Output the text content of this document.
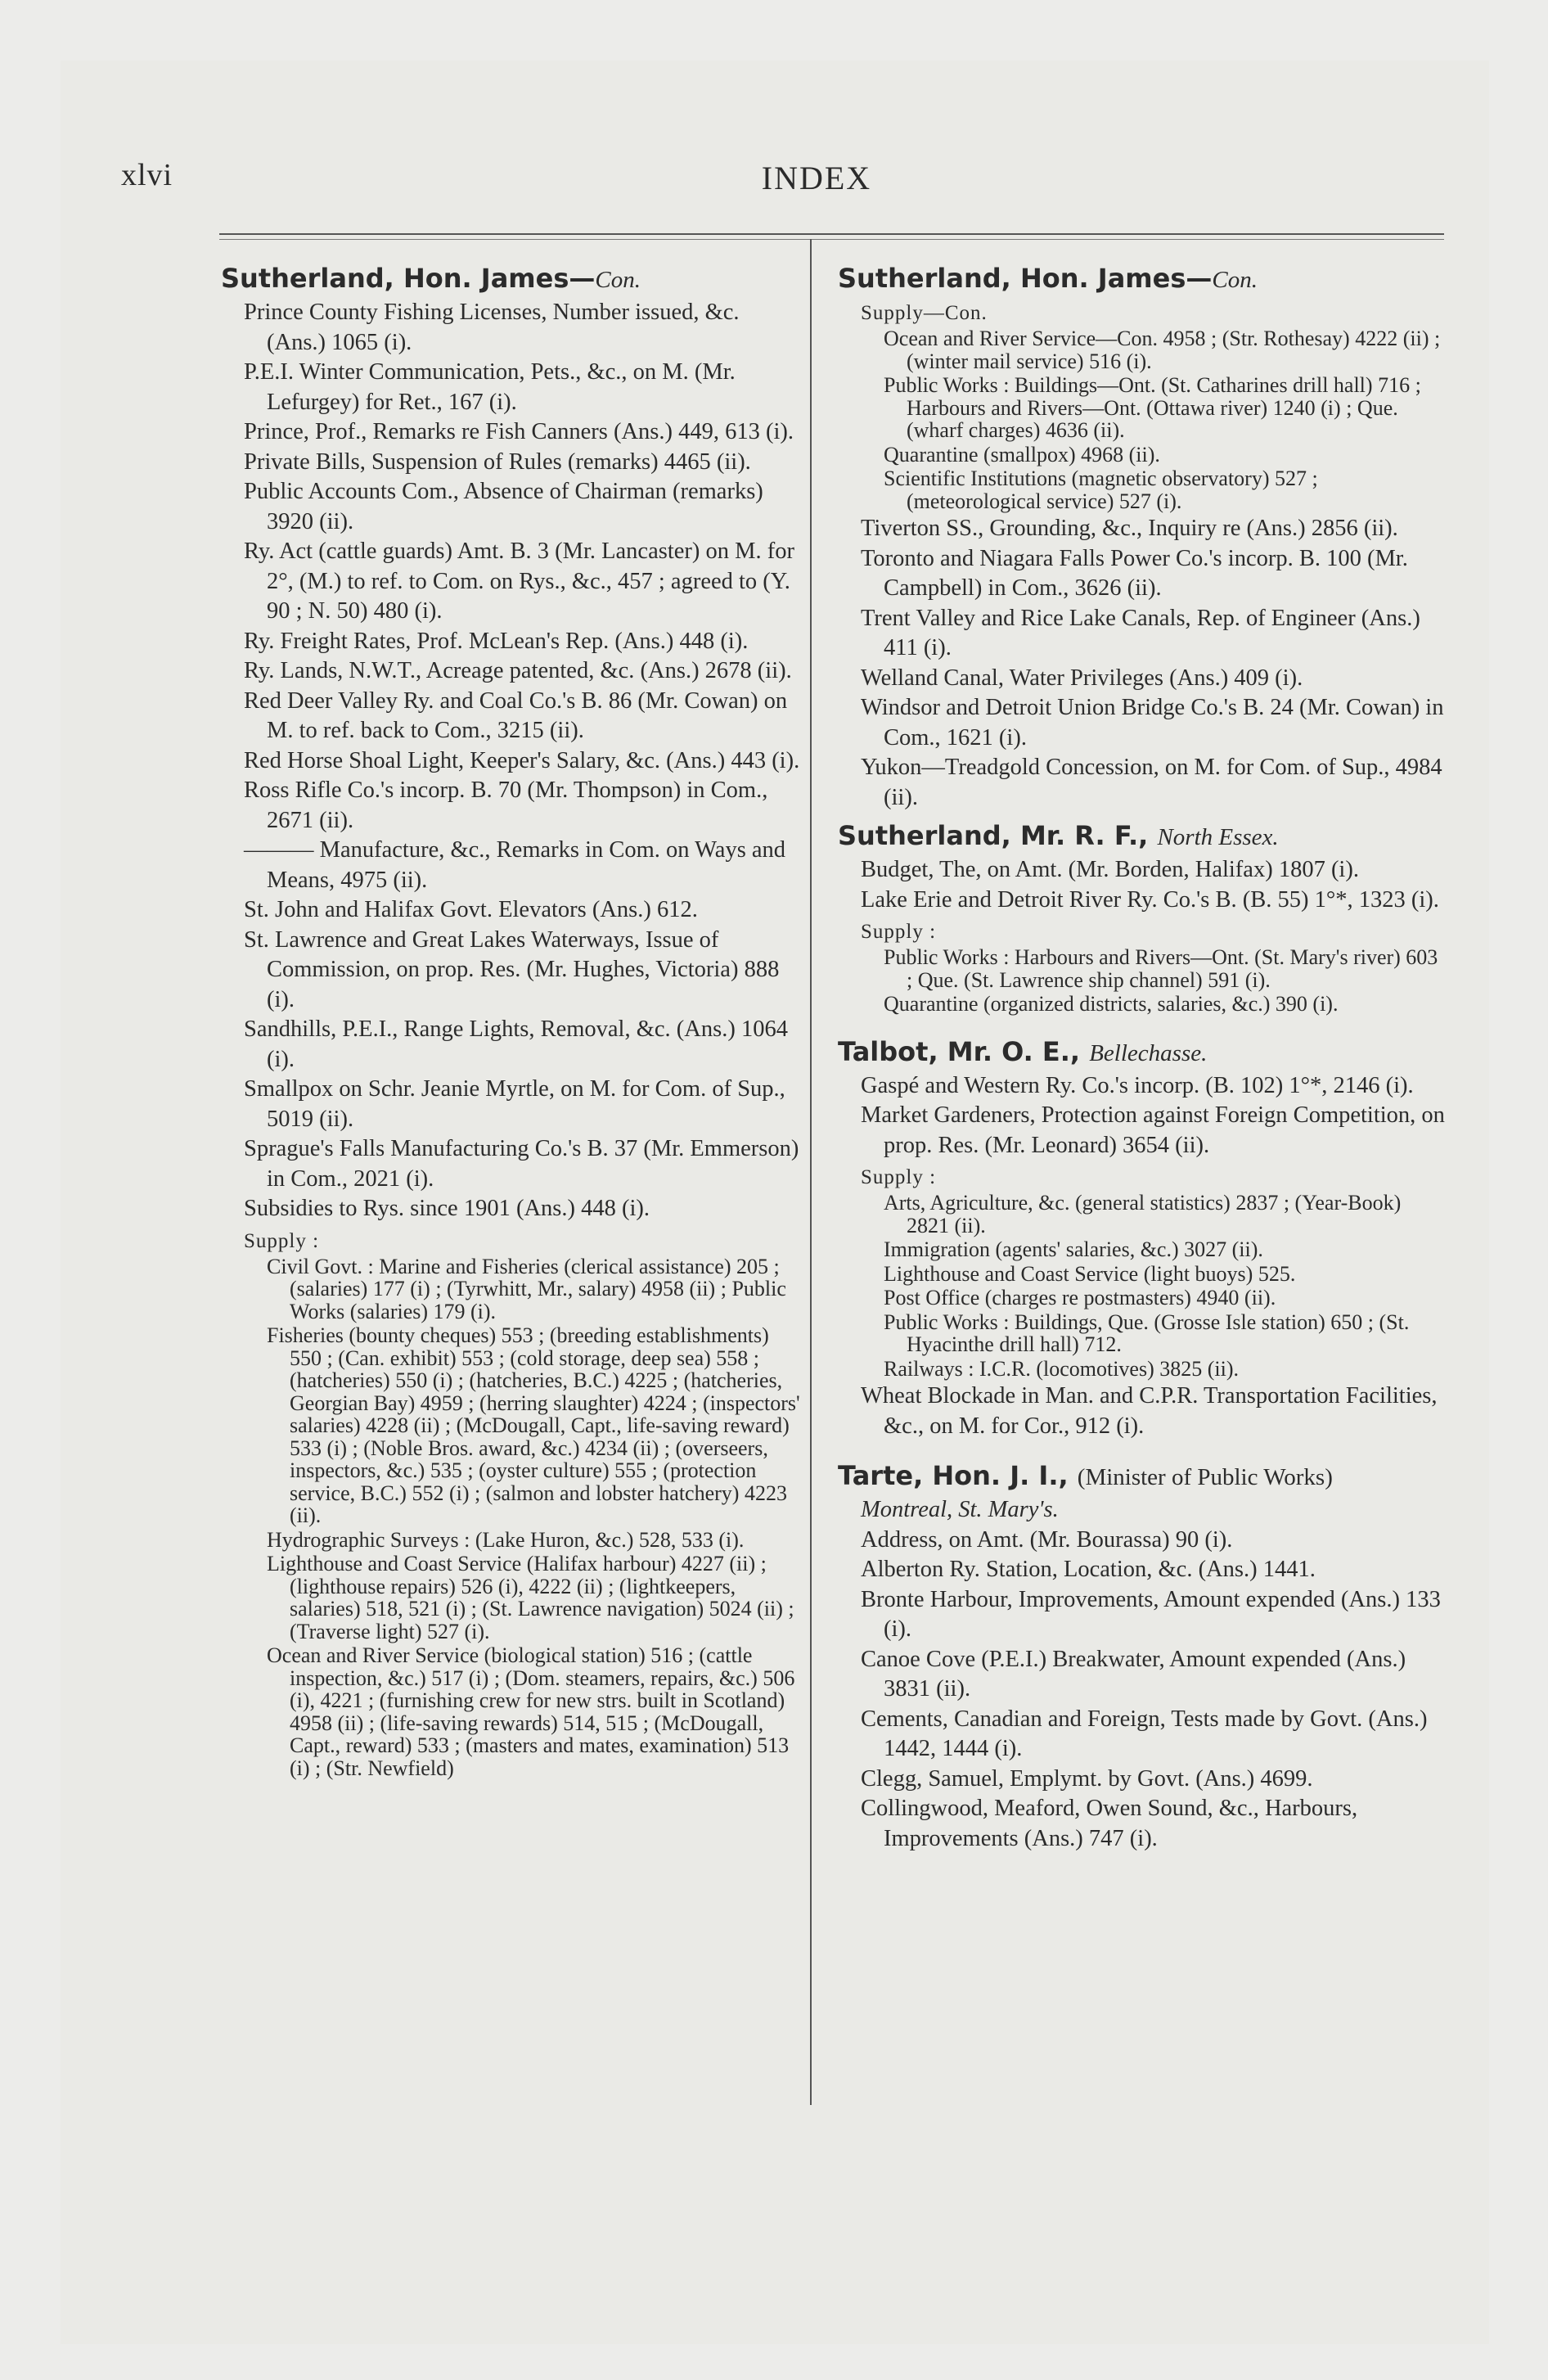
xlvi	INDEX
Sutherland, Hon. James—Con.

Prince County Fishing Licenses, Number issued, &c. (Ans.) 1065 (i).

P.E.I. Winter Communication, Pets., &c., on M. (Mr. Lefurgey) for Ret., 167 (i).

Prince, Prof., Remarks re Fish Canners (Ans.) 449, 613 (i).

Private Bills, Suspension of Rules (remarks) 4465 (ii).

Public Accounts Com., Absence of Chairman (remarks) 3920 (ii).

Ry. Act (cattle guards) Amt. B. 3 (Mr. Lancaster) on M. for 2°, (M.) to ref. to Com. on Rys., &c., 457 ; agreed to (Y. 90 ; N. 50) 480 (i).

Ry. Freight Rates, Prof. McLean's Rep. (Ans.) 448 (i).

Ry. Lands, N.W.T., Acreage patented, &c. (Ans.) 2678 (ii).

Red Deer Valley Ry. and Coal Co.'s B. 86 (Mr. Cowan) on M. to ref. back to Com., 3215 (ii).

Red Horse Shoal Light, Keeper's Salary, &c. (Ans.) 443 (i).

Ross Rifle Co.'s incorp. B. 70 (Mr. Thompson) in Com., 2671 (ii).

——— Manufacture, &c., Remarks in Com. on Ways and Means, 4975 (ii).

St. John and Halifax Govt. Elevators (Ans.) 612.

St. Lawrence and Great Lakes Waterways, Issue of Commission, on prop. Res. (Mr. Hughes, Victoria) 888 (i).

Sandhills, P.E.I., Range Lights, Removal, &c. (Ans.) 1064 (i).

Smallpox on Schr. Jeanie Myrtle, on M. for Com. of Sup., 5019 (ii).

Sprague's Falls Manufacturing Co.'s B. 37 (Mr. Emmerson) in Com., 2021 (i).

Subsidies to Rys. since 1901 (Ans.) 448 (i).

Supply :

Civil Govt. : Marine and Fisheries (clerical assistance) 205 ; (salaries) 177 (i) ; (Tyrwhitt, Mr., salary) 4958 (ii) ; Public Works (salaries) 179 (i).

Fisheries (bounty cheques) 553 ; (breeding establishments) 550 ; (Can. exhibit) 553 ; (cold storage, deep sea) 558 ; (hatcheries) 550 (i) ; (hatcheries, B.C.) 4225 ; (hatcheries, Georgian Bay) 4959 ; (herring slaughter) 4224 ; (inspectors' salaries) 4228 (ii) ; (McDougall, Capt., life-saving reward) 533 (i) ; (Noble Bros. award, &c.) 4234 (ii) ; (overseers, inspectors, &c.) 535 ; (oyster culture) 555 ; (protection service, B.C.) 552 (i) ; (salmon and lobster hatchery) 4223 (ii).

Hydrographic Surveys : (Lake Huron, &c.) 528, 533 (i).

Lighthouse and Coast Service (Halifax harbour) 4227 (ii) ; (lighthouse repairs) 526 (i), 4222 (ii) ; (lightkeepers, salaries) 518, 521 (i) ; (St. Lawrence navigation) 5024 (ii) ; (Traverse light) 527 (i).

Ocean and River Service (biological station) 516 ; (cattle inspection, &c.) 517 (i) ; (Dom. steamers, repairs, &c.) 506 (i), 4221 ; (furnishing crew for new strs. built in Scotland) 4958 (ii) ; (life-saving rewards) 514, 515 ; (McDougall, Capt., reward) 533 ; (masters and mates, examination) 513 (i) ; (Str. Newfield)

Sutherland, Hon. James—Con.

Supply—Con.

Ocean and River Service—Con. 4958 ; (Str. Rothesay) 4222 (ii) ; (winter mail service) 516 (i).

Public Works : Buildings—Ont. (St. Catharines drill hall) 716 ; Harbours and Rivers—Ont. (Ottawa river) 1240 (i) ; Que. (wharf charges) 4636 (ii).

Quarantine (smallpox) 4968 (ii).

Scientific Institutions (magnetic observatory) 527 ; (meteorological service) 527 (i).

Tiverton SS., Grounding, &c., Inquiry re (Ans.) 2856 (ii).

Toronto and Niagara Falls Power Co.'s incorp. B. 100 (Mr. Campbell) in Com., 3626 (ii).

Trent Valley and Rice Lake Canals, Rep. of Engineer (Ans.) 411 (i).

Welland Canal, Water Privileges (Ans.) 409 (i).

Windsor and Detroit Union Bridge Co.'s B. 24 (Mr. Cowan) in Com., 1621 (i).

Yukon—Treadgold Concession, on M. for Com. of Sup., 4984 (ii).

Sutherland, Mr. R. F., North Essex.

Budget, The, on Amt. (Mr. Borden, Halifax) 1807 (i).

Lake Erie and Detroit River Ry. Co.'s B. (B. 55) 1°*, 1323 (i).

Supply :

Public Works : Harbours and Rivers—Ont. (St. Mary's river) 603 ; Que. (St. Lawrence ship channel) 591 (i).

Quarantine (organized districts, salaries, &c.) 390 (i).

Talbot, Mr. O. E., Bellechasse.

Gaspé and Western Ry. Co.'s incorp. (B. 102) 1°*, 2146 (i).

Market Gardeners, Protection against Foreign Competition, on prop. Res. (Mr. Leonard) 3654 (ii).

Supply :

Arts, Agriculture, &c. (general statistics) 2837 ; (Year-Book) 2821 (ii).

Immigration (agents' salaries, &c.) 3027 (ii).

Lighthouse and Coast Service (light buoys) 525.

Post Office (charges re postmasters) 4940 (ii).

Public Works : Buildings, Que. (Grosse Isle station) 650 ; (St. Hyacinthe drill hall) 712.

Railways : I.C.R. (locomotives) 3825 (ii).

Wheat Blockade in Man. and C.P.R. Transportation Facilities, &c., on M. for Cor., 912 (i).

Tarte, Hon. J. I., (Minister of Public Works)

Montreal, St. Mary's.

Address, on Amt. (Mr. Bourassa) 90 (i).

Alberton Ry. Station, Location, &c. (Ans.) 1441.

Bronte Harbour, Improvements, Amount expended (Ans.) 133 (i).

Canoe Cove (P.E.I.) Breakwater, Amount expended (Ans.) 3831 (ii).

Cements, Canadian and Foreign, Tests made by Govt. (Ans.) 1442, 1444 (i).

Clegg, Samuel, Emplymt. by Govt. (Ans.) 4699.

Collingwood, Meaford, Owen Sound, &c., Harbours, Improvements (Ans.) 747 (i).
